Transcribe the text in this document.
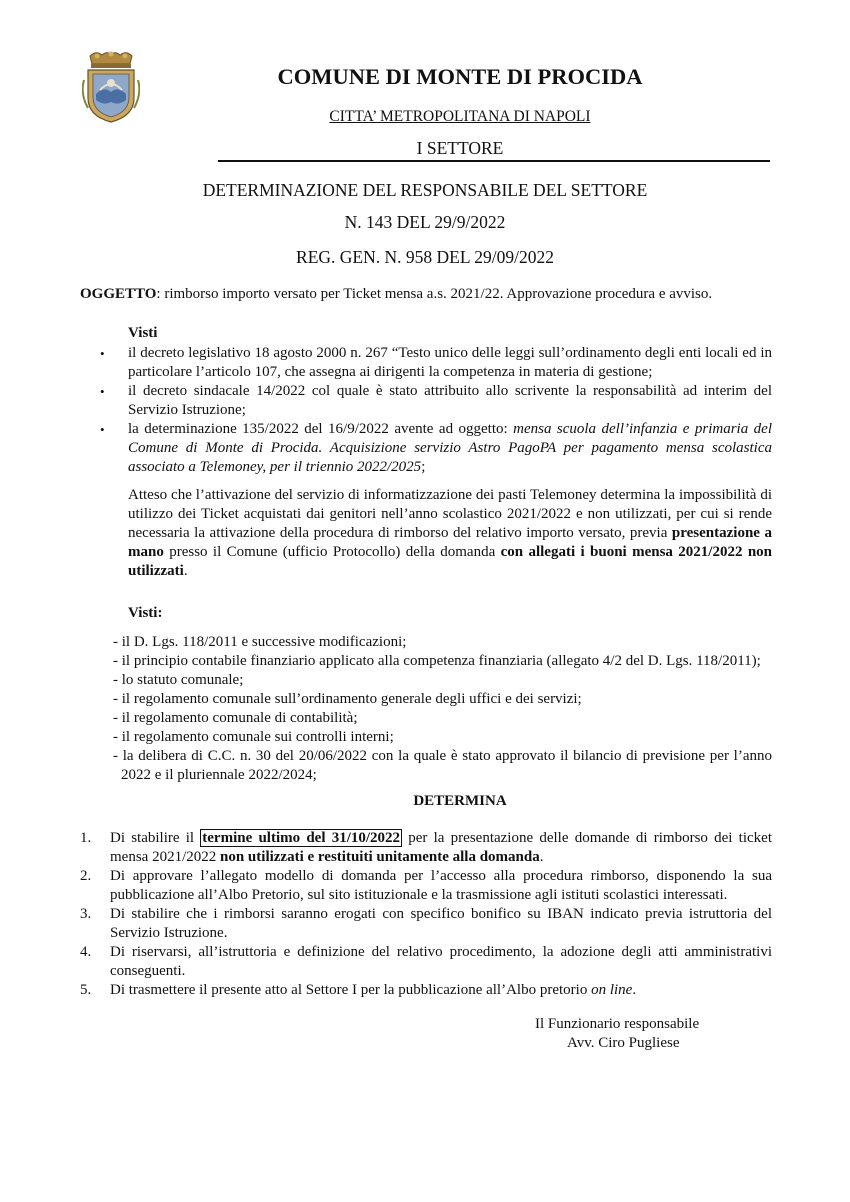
COMUNE DI MONTE DI PROCIDA
CITTA’ METROPOLITANA DI NAPOLI
I SETTORE
DETERMINAZIONE DEL RESPONSABILE DEL SETTORE
N. 143 DEL 29/9/2022
REG. GEN. N. 958 DEL 29/09/2022
OGGETTO: rimborso importo versato per Ticket mensa a.s. 2021/22. Approvazione procedura e avviso.
Visti
• il decreto legislativo 18 agosto 2000 n. 267 “Testo unico delle leggi sull’ordinamento degli enti locali ed in particolare l’articolo 107, che assegna ai dirigenti la competenza in materia di gestione;
• il decreto sindacale 14/2022 col quale è stato attribuito allo scrivente la responsabilità ad interim del Servizio Istruzione;
• la determinazione 135/2022 del 16/9/2022 avente ad oggetto: mensa scuola dell’infanzia e primaria del Comune di Monte di Procida. Acquisizione servizio Astro PagoPA per pagamento mensa scolastica associato a Telemoney, per il triennio 2022/2025;
Atteso che l’attivazione del servizio di informatizzazione dei pasti Telemoney determina la impossibilità di utilizzo dei Ticket acquistati dai genitori nell’anno scolastico 2021/2022 e non utilizzati, per cui si rende necessaria la attivazione della procedura di rimborso del relativo importo versato, previa presentazione a mano presso il Comune (ufficio Protocollo) della domanda con allegati i buoni mensa 2021/2022 non utilizzati.
Visti:
- il D. Lgs. 118/2011 e successive modificazioni;
- il principio contabile finanziario applicato alla competenza finanziaria (allegato 4/2 del D. Lgs. 118/2011);
- lo statuto comunale;
- il regolamento comunale sull’ordinamento generale degli uffici e dei servizi;
- il regolamento comunale di contabilità;
- il regolamento comunale sui controlli interni;
- la delibera di C.C. n. 30 del 20/06/2022 con la quale è stato approvato il bilancio di previsione per l’anno 2022 e il pluriennale 2022/2024;
DETERMINA
1. Di stabilire il termine ultimo del 31/10/2022 per la presentazione delle domande di rimborso dei ticket mensa 2021/2022 non utilizzati e restituiti unitamente alla domanda.
2. Di approvare l’allegato modello di domanda per l’accesso alla procedura rimborso, disponendo la sua pubblicazione all’Albo Pretorio, sul sito istituzionale e la trasmissione agli istituti scolastici interessati.
3. Di stabilire che i rimborsi saranno erogati con specifico bonifico su IBAN indicato previa istruttoria del Servizio Istruzione.
4. Di riservarsi, all’istruttoria e definizione del relativo procedimento, la adozione degli atti amministrativi conseguenti.
5. Di trasmettere il presente atto al Settore I per la pubblicazione all’Albo pretorio on line.
Il Funzionario responsabile
Avv. Ciro Pugliese
